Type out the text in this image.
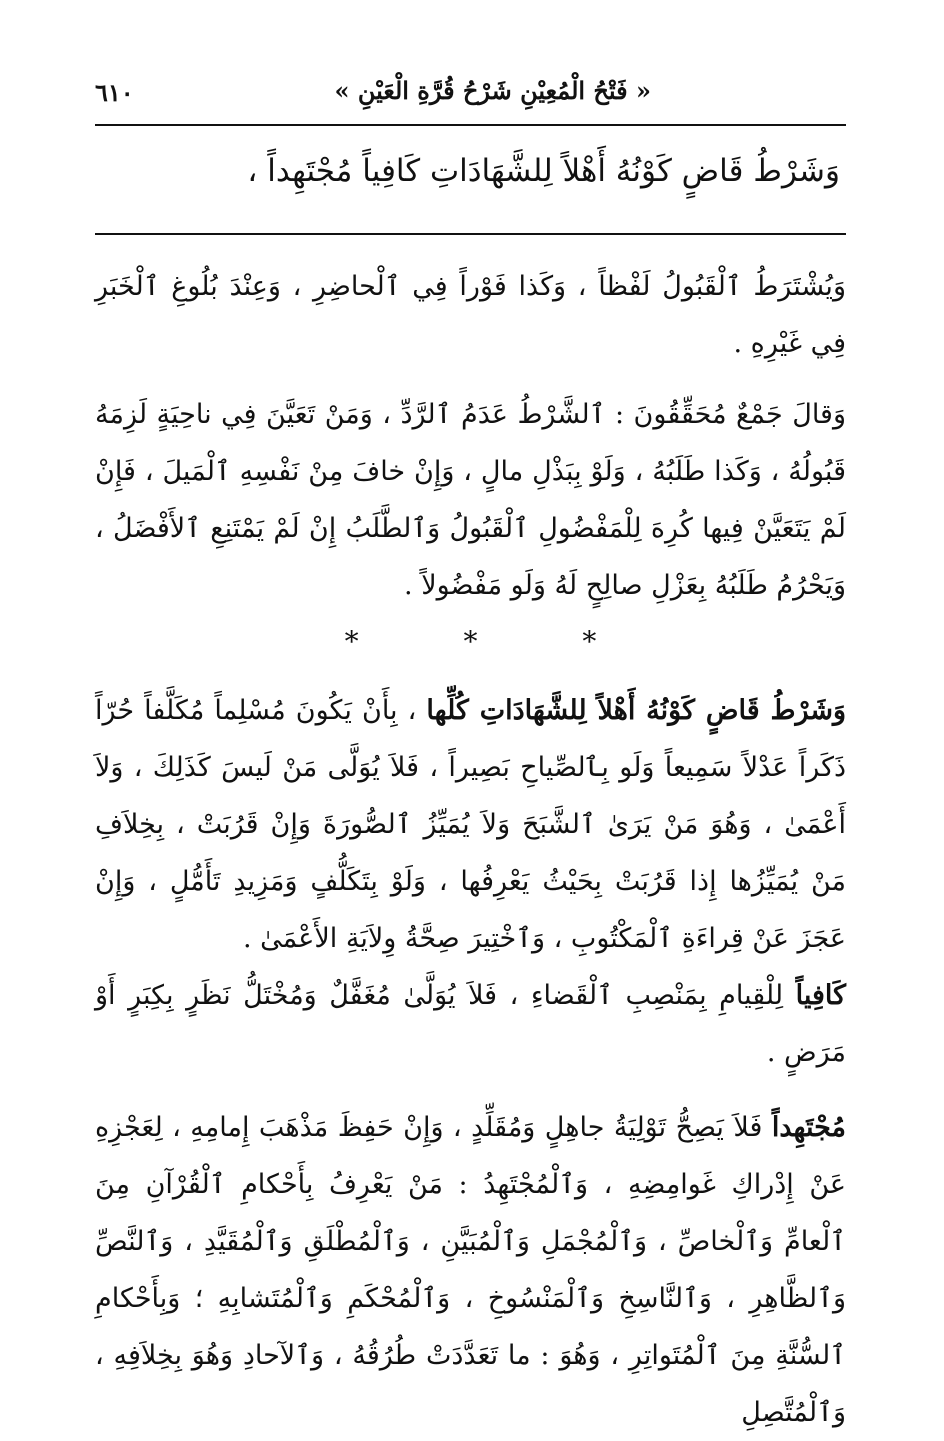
« فَتْحُ الْمُعِيْنِ شَرْحُ قُرَّةِ الْعَيْنِ »
٦١٠
وَشَرْطُ قَاضٍ كَوْنُهُ أَهْلاً لِلشَّهَادَاتِ كَافِياً مُجْتَهِداً ،

وَيُشْتَرَطُ ٱلْقَبُولُ لَفْظاً ، وَكَذا فَوْراً فِي ٱلْحاضِرِ ، وَعِنْدَ بُلُوغِ ٱلْخَبَرِ فِي غَيْرِهِ .

وَقالَ جَمْعٌ مُحَقِّقُونَ : ٱلشَّرْطُ عَدَمُ ٱلرَّدِّ ، وَمَنْ تَعَيَّنَ فِي ناحِيَةٍ لَزِمَهُ قَبُولُهُ ، وَكَذا طَلَبُهُ ، وَلَوْ بِبَذْلِ مالٍ ، وَإِنْ خافَ مِنْ نَفْسِهِ ٱلْمَيلَ ، فَإِنْ لَمْ يَتَعَيَّنْ فِيها كُرِهَ لِلْمَفْضُولِ ٱلْقَبُولُ وَٱلطَّلَبُ إِنْ لَمْ يَمْتَنِعِ ٱلأَفْضَلُ ، وَيَحْرُمُ طَلَبُهُ بِعَزْلِ صالِحٍ لَهُ وَلَو مَفْضُولاً .

*	*	*

وَشَرْطُ قَاضٍ كَوْنُهُ أَهْلاً لِلشَّهَادَاتِ كُلِّها ، بِأَنْ يَكُونَ مُسْلِماً مُكَلَّفاً حُرّاً ذَكَراً عَدْلاً سَمِيعاً وَلَو بِٱلصِّياحِ بَصِيراً ، فَلاَ يُوَلَّى مَنْ لَيسَ كَذَلِكَ ، وَلاَ أَعْمَىٰ ، وَهُوَ مَنْ يَرَىٰ ٱلشَّبَحَ وَلاَ يُمَيِّزُ ٱلصُّورَةَ وَإِنْ قَرُبَتْ ، بِخِلاَفِ مَنْ يُمَيِّزُها إِذا قَرُبَتْ بِحَيْثُ يَعْرِفُها ، وَلَوْ بِتَكَلُّفٍ وَمَزِيدِ تَأَمُّلٍ ، وَإِنْ عَجَزَ عَنْ قِراءَةِ ٱلْمَكْتُوبِ ، وَٱخْتِيرَ صِحَّةُ وِلاَيَةِ الأَعْمَىٰ .

كَافِياً لِلْقِيامِ بِمَنْصِبِ ٱلْقَضاءِ ، فَلاَ يُوَلَّىٰ مُغَفَّلٌ وَمُخْتَلُّ نَظَرٍ بِكِبَرٍ أَوْ مَرَضٍ .

مُجْتَهِداً فَلاَ يَصِحُّ تَوْلِيَةُ جاهِلٍ وَمُقَلِّدٍ ، وَإِنْ حَفِظَ مَذْهَبَ إِمامِهِ ، لِعَجْزِهِ عَنْ إِدْراكِ غَوامِضِهِ ، وَٱلْمُجْتَهِدُ : مَنْ يَعْرِفُ بِأَحْكامِ ٱلْقُرْآنِ مِنَ ٱلْعامِّ وَٱلْخاصِّ ، وَٱلْمُجْمَلِ وَٱلْمُبَيَّنِ ، وَٱلْمُطْلَقِ وَٱلْمُقَيَّدِ ، وَٱلنَّصِّ وَٱلظَّاهِرِ ، وَٱلنَّاسِخِ وَٱلْمَنْسُوخِ ، وَٱلْمُحْكَمِ وَٱلْمُتَشابِهِ ؛ وَبِأَحْكامِ ٱلسُّنَّةِ مِنَ ٱلْمُتَواتِرِ ، وَهُوَ : ما تَعَدَّدَتْ طُرُقُهُ ، وَٱلآحادِ وَهُوَ بِخِلاَفِهِ ، وَٱلْمُتَّصِلِ
